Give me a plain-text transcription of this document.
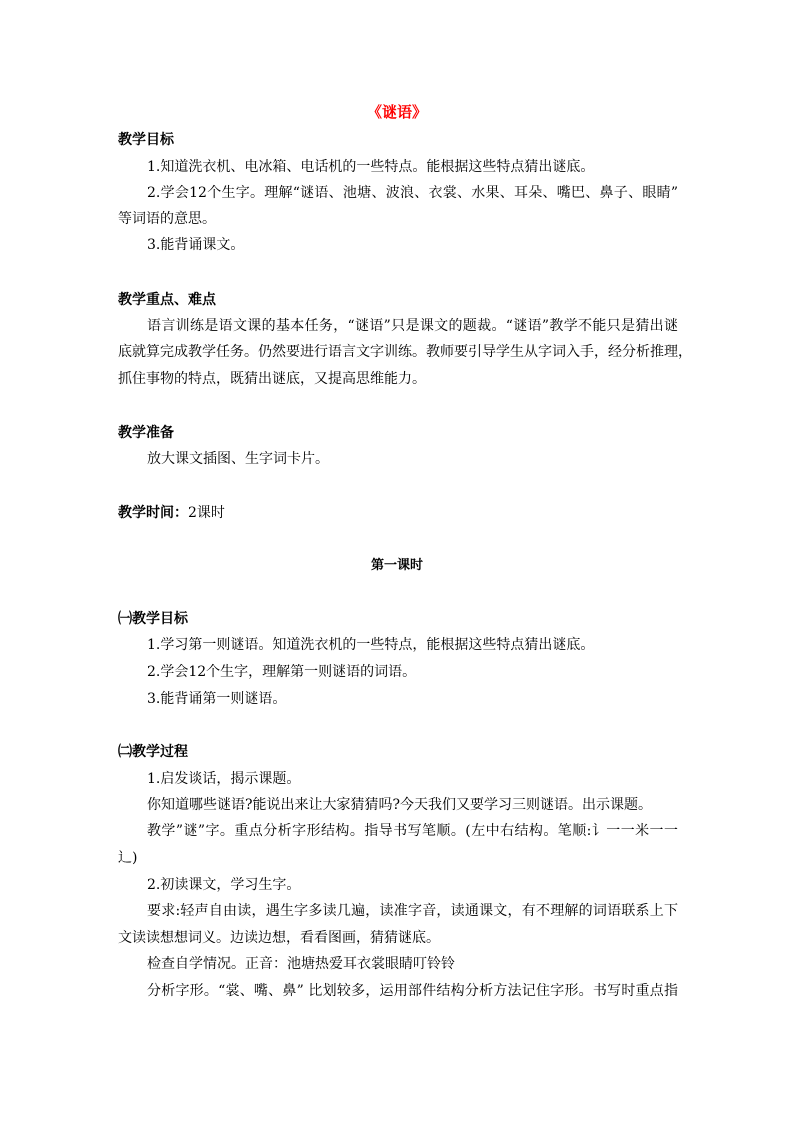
《谜语》
教学目标
1.知道洗衣机、电冰箱、电话机的一些特点。能根据这些特点猜出谜底。
2.学会12个生字。理解“谜语、池塘、波浪、衣裳、水果、耳朵、嘴巴、鼻子、眼睛”
等词语的意思。
3.能背诵课文。
教学重点、难点
语言训练是语文课的基本任务，“谜语”只是课文的题裁。“谜语”教学不能只是猜出谜
底就算完成教学任务。仍然要进行语言文字训练。教师要引导学生从字词入手，经分析推理，
抓住事物的特点，既猜出谜底，又提高思维能力。
教学准备
放大课文插图、生字词卡片。
教学时间：2课时
第一课时
㈠教学目标
1.学习第一则谜语。知道洗衣机的一些特点，能根据这些特点猜出谜底。
2.学会12个生字，理解第一则谜语的词语。
3.能背诵第一则谜语。
㈡教学过程
1.启发谈话，揭示课题。
你知道哪些谜语?能说出来让大家猜猜吗?今天我们又要学习三则谜语。出示课题。
教学”谜”字。重点分析字形结构。指导书写笔顺。(左中右结构。笔顺:讠一一米一一
辶)
2.初读课文，学习生字。
要求:轻声自由读，遇生字多读几遍，读准字音，读通课文，有不理解的词语联系上下
文读读想想词义。边读边想，看看图画，猜猜谜底。
检查自学情况。正音：池塘热爱耳衣裳眼睛叮铃铃
分析字形。“裳、嘴、鼻” 比划较多，运用部件结构分析方法记住字形。书写时重点指
